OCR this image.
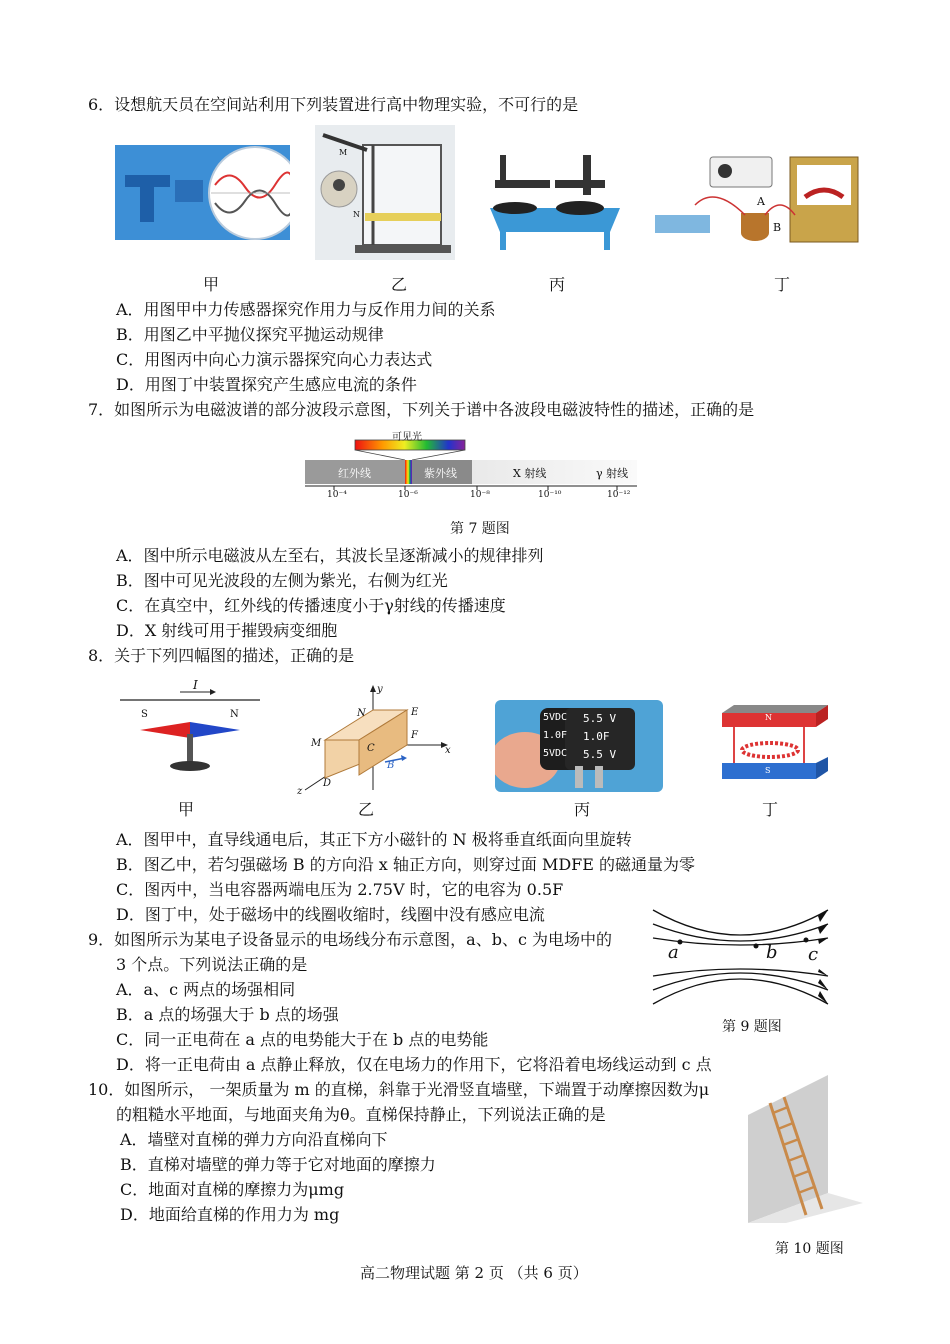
6．设想航天员在空间站利用下列装置进行高中物理实验，不可行的是
M
N
A
B
甲	乙	丙	丁
A．用图甲中力传感器探究作用力与反作用力间的关系
B．用图乙中平抛仪探究平抛运动规律
C．用图丙中向心力演示器探究向心力表达式
D．用图丁中装置探究产生感应电流的条件
7．如图所示为电磁波谱的部分波段示意图，下列关于谱中各波段电磁波特性的描述，正确的是
可见光
红外线	紫外线	X 射线	γ 射线
10⁻⁴	10⁻⁶	10⁻⁸	10⁻¹⁰	10⁻¹²
第 7 题图
A．图中所示电磁波从左至右，其波长呈逐渐减小的规律排列
B．图中可见光波段的左侧为紫光，右侧为红光
C．在真空中，红外线的传播速度小于γ射线的传播速度
D．X 射线可用于摧毁病变细胞
8．关于下列四幅图的描述，正确的是
I
S	N
甲
y
x
z
N	E
F
M	C
D
B
乙
5.5 V
1.0F
5.5 V
5VDC
1.0F
5VDC
丙
N
S
丁
A．图甲中，直导线通电后，其正下方小磁针的 N 极将垂直纸面向里旋转
B．图乙中，若匀强磁场 B 的方向沿 x 轴正方向，则穿过面 MDFE 的磁通量为零
C．图丙中，当电容器两端电压为 2.75V 时，它的电容为 0.5F
D．图丁中，处于磁场中的线圈收缩时，线圈中没有感应电流
9．如图所示为某电子设备显示的电场线分布示意图，a、b、c 为电场中的
3 个点。下列说法正确的是
A．a、c 两点的场强相同
B．a 点的场强大于 b 点的场强
C．同一正电荷在 a 点的电势能大于在 b 点的电势能
D．将一正电荷由 a 点静止释放，仅在电场力的作用下，它将沿着电场线运动到 c 点
a	b c
第 9 题图
10．如图所示， 一架质量为 m 的直梯，斜靠于光滑竖直墙壁，下端置于动摩擦因数为μ
的粗糙水平地面，与地面夹角为θ。直梯保持静止，下列说法正确的是
A．墙壁对直梯的弹力方向沿直梯向下
B．直梯对墙壁的弹力等于它对地面的摩擦力
C．地面对直梯的摩擦力为μmg
D．地面给直梯的作用力为 mg
第 10 题图
高二物理试题 第 2 页 （共 6 页）
